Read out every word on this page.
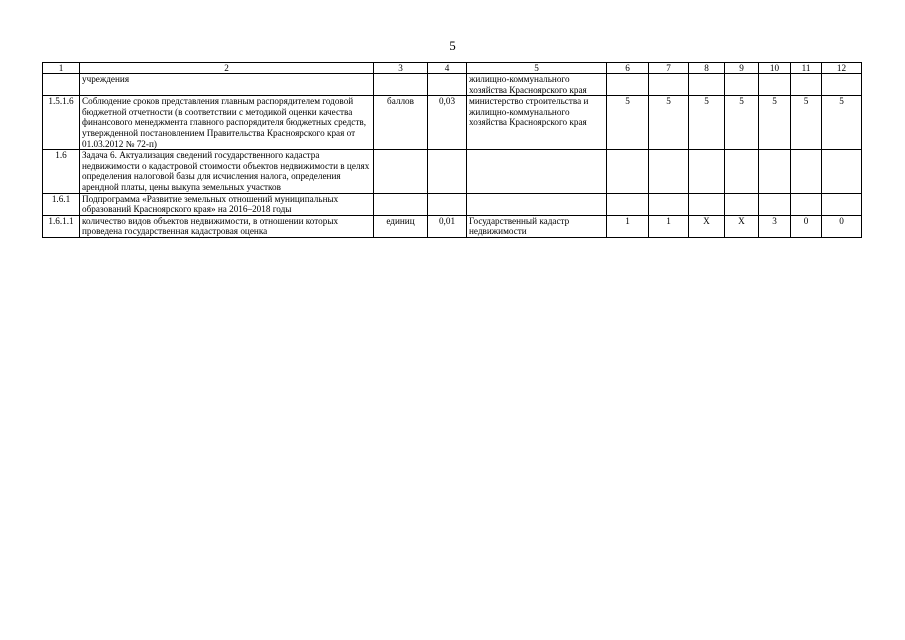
5
1	2	3	4	5	6	7	8	9	10	11	12
	учреждения			жилищно-коммунального хозяйства Красноярского края							
1.5.1.6	Соблюдение сроков представления главным распорядителем годовой бюджетной отчетности (в соответствии с методикой оценки качества финансового менеджмента главного распорядителя бюджетных средств, утвержденной постановлением Правительства Красноярского края от 01.03.2012 № 72-п)	баллов	0,03	министерство строительства и жилищно-коммунального хозяйства Красноярского края	5	5	5	5	5	5	5
1.6	Задача 6. Актуализация сведений государственного кадастра недвижимости о кадастровой стоимости объектов недвижимости в целях определения налоговой базы для исчисления налога, определения арендной платы, цены выкупа земельных участков										
1.6.1	Подпрограмма «Развитие земельных отношений муниципальных образований Красноярского края» на 2016–2018 годы										
1.6.1.1	количество видов объектов недвижимости, в отношении которых проведена государственная кадастровая оценка	единиц	0,01	Государственный кадастр недвижимости	1	1	Х	Х	3	0	0
